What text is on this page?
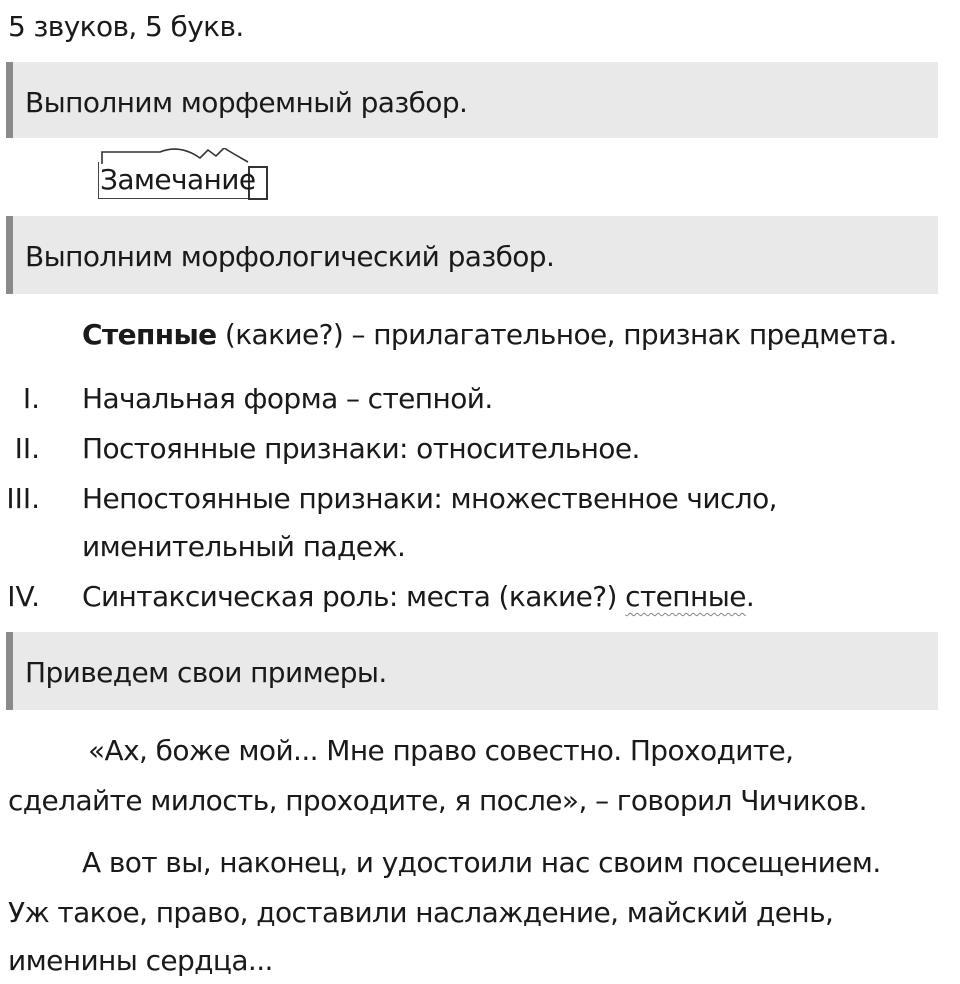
5 звуков, 5 букв.
Выполним морфемный разбор.
Замечание
Выполним морфологический разбор.
Степные (какие?) – прилагательное, признак предмета.
I. Начальная форма – степной.
II. Постоянные признаки: относительное.
III. Непостоянные признаки: множественное число,
именительный падеж.
IV. Синтаксическая роль: места (какие?) степные.
Приведем свои примеры.
«Ах, боже мой... Мне право совестно. Проходите,
сделайте милость, проходите, я после», – говорил Чичиков.
А вот вы, наконец, и удостоили нас своим посещением.
Уж такое, право, доставили наслаждение, майский день,
именины сердца...
